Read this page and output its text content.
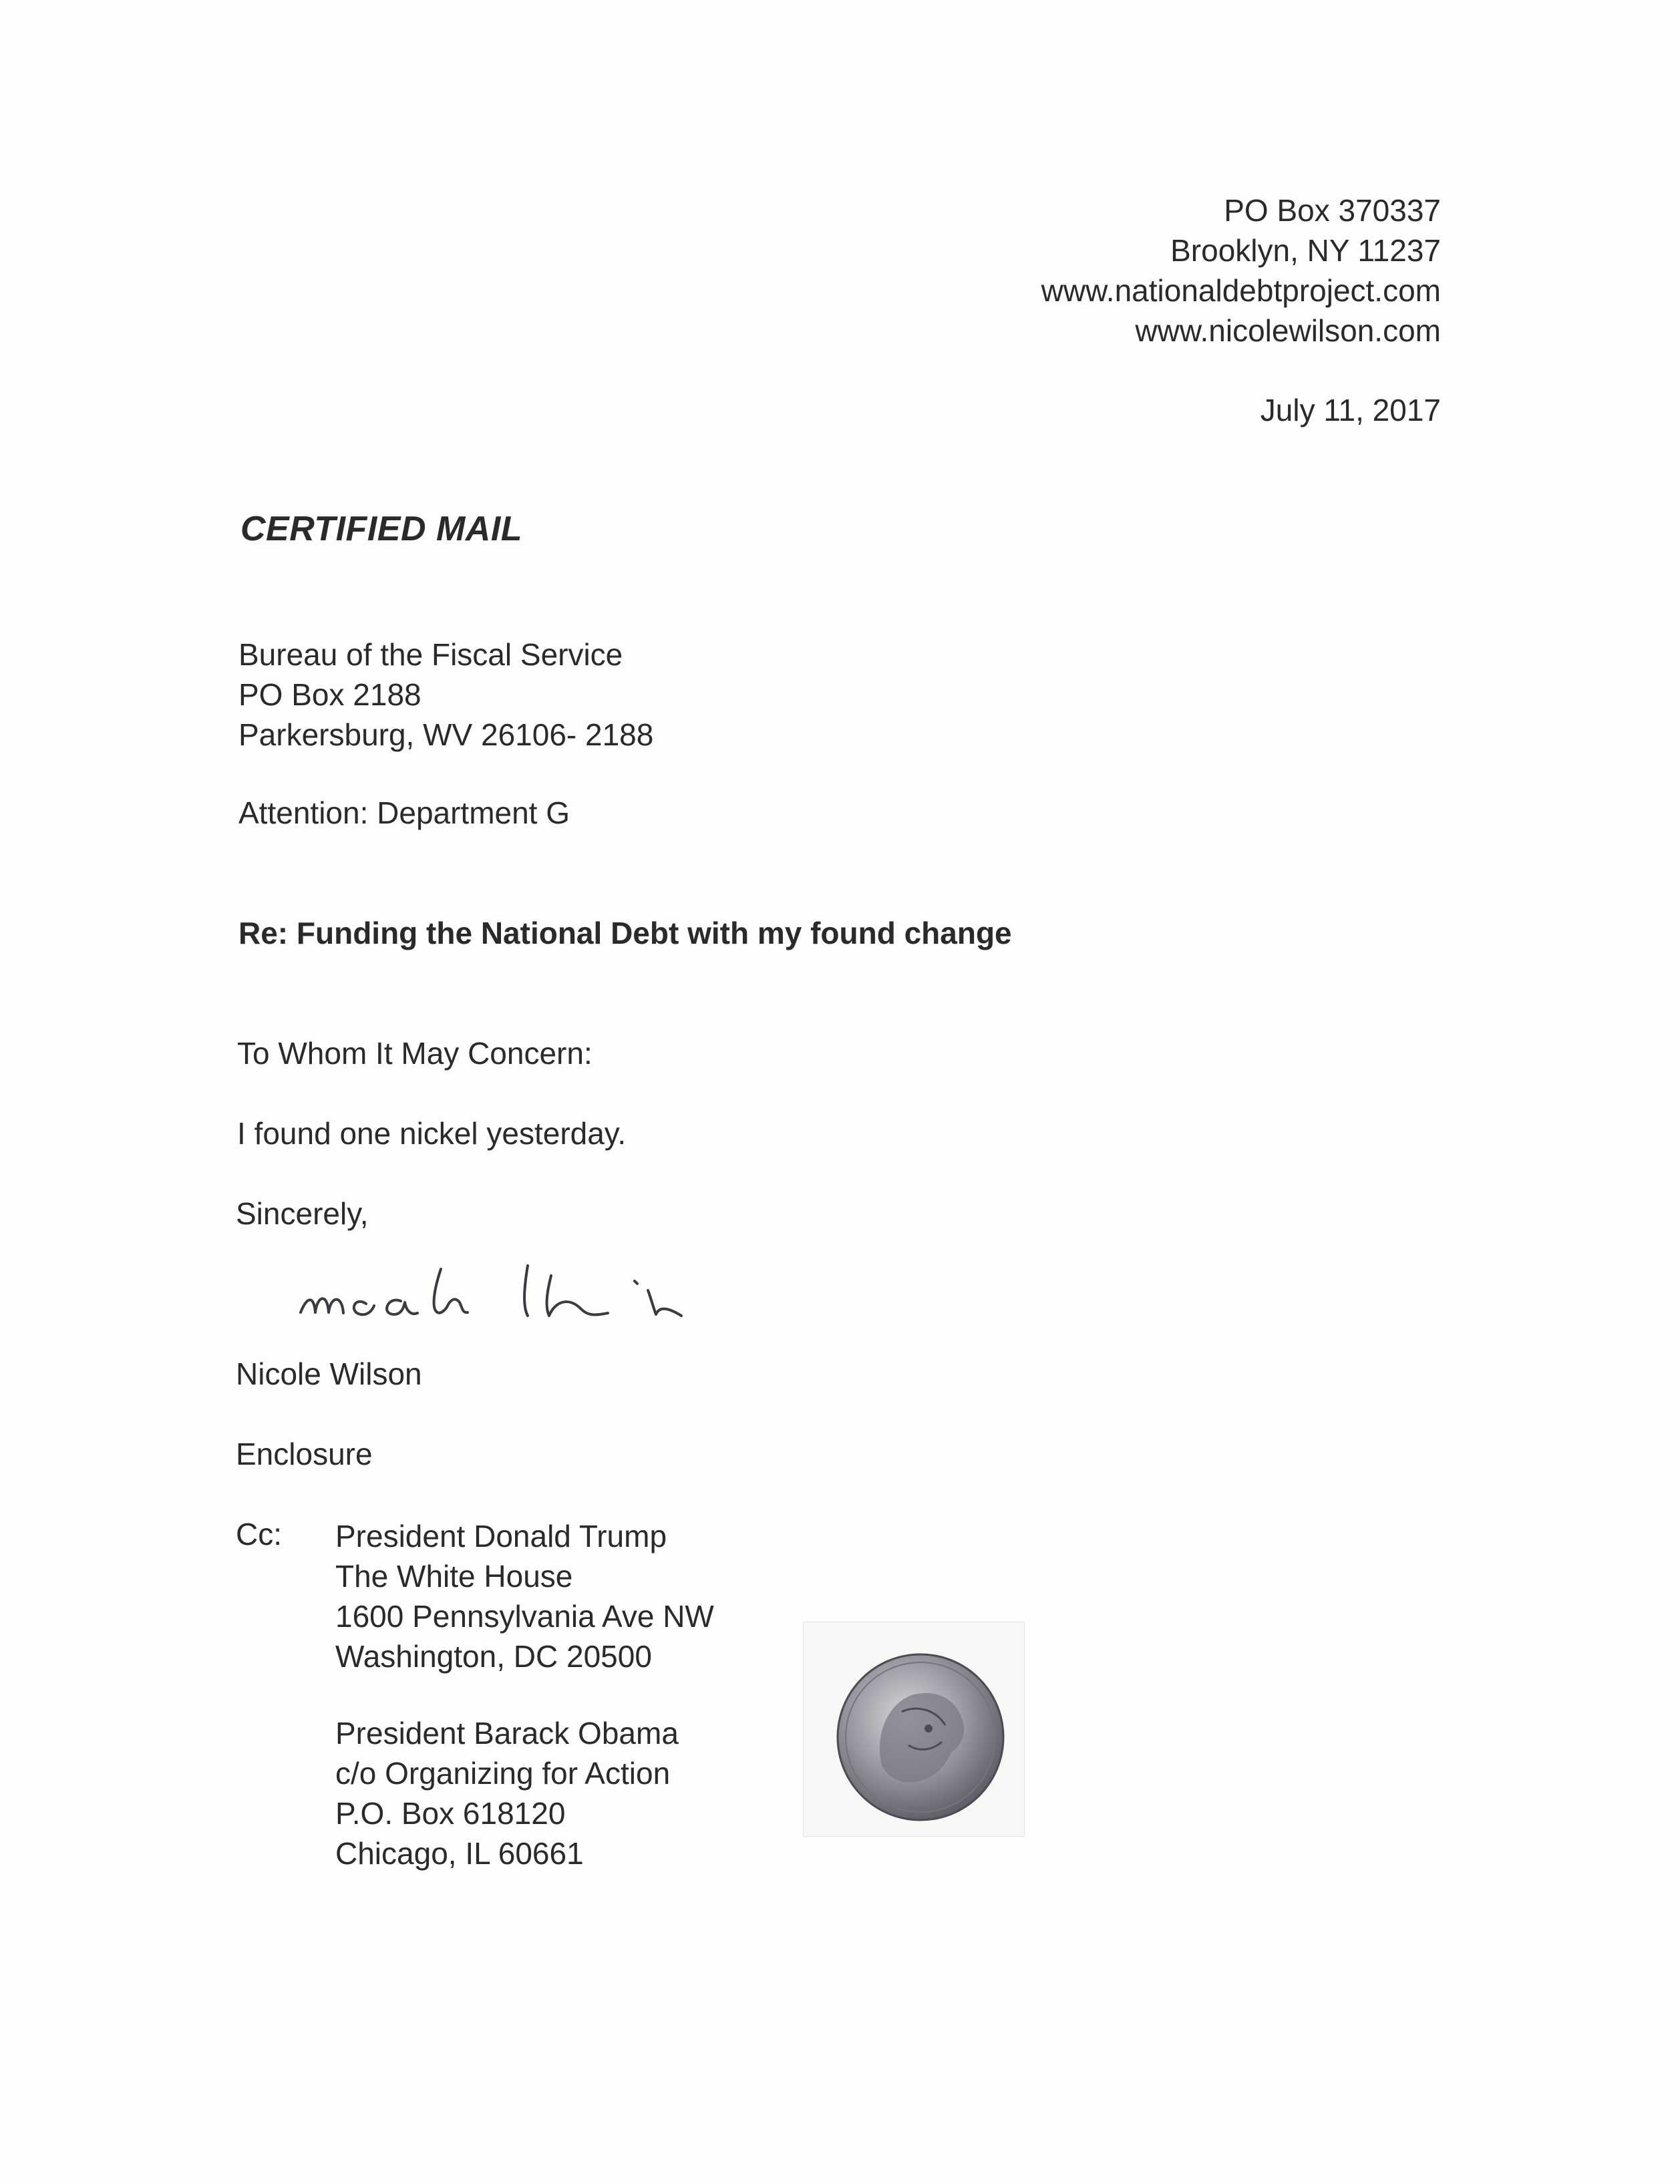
PO Box 370337
Brooklyn, NY 11237
www.nationaldebtproject.com
www.nicolewilson.com
July 11, 2017
CERTIFIED MAIL
Bureau of the Fiscal Service
PO Box 2188
Parkersburg, WV 26106- 2188
Attention: Department G
Re: Funding the National Debt with my found change
To Whom It May Concern:
I found one nickel yesterday.
Sincerely,
Nicole Wilson
Enclosure
Cc: President Donald Trump
The White House
1600 Pennsylvania Ave NW
Washington, DC 20500
President Barack Obama
c/o Organizing for Action
P.O. Box 618120
Chicago, IL 60661
